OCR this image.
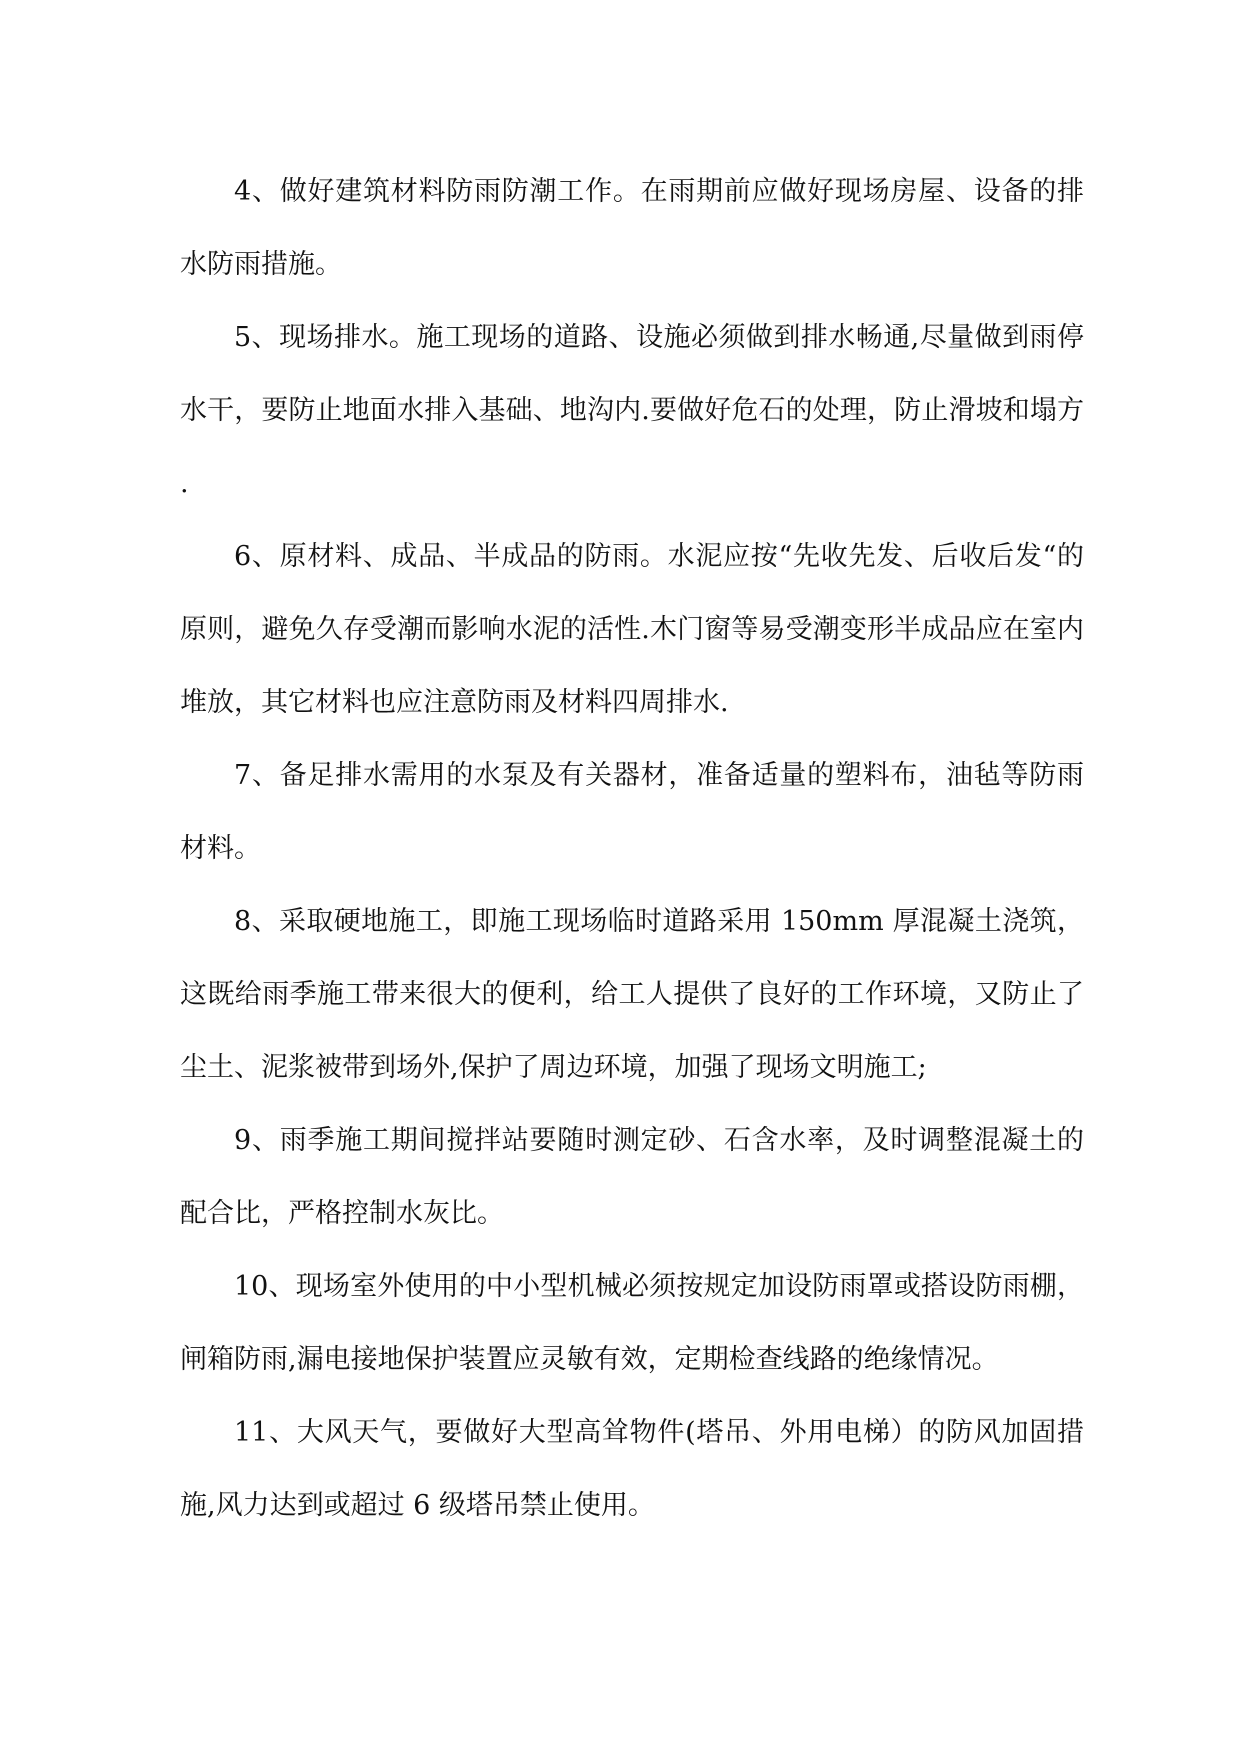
4、做好建筑材料防雨防潮工作。在雨期前应做好现场房屋、设备的排水防雨措施。

5、现场排水。施工现场的道路、设施必须做到排水畅通,尽量做到雨停水干，要防止地面水排入基础、地沟内.要做好危石的处理，防止滑坡和塌方.

6、原材料、成品、半成品的防雨。水泥应按“先收先发、后收后发“的原则，避免久存受潮而影响水泥的活性.木门窗等易受潮变形半成品应在室内堆放，其它材料也应注意防雨及材料四周排水.

7、备足排水需用的水泵及有关器材，准备适量的塑料布，油毡等防雨材料。

8、采取硬地施工，即施工现场临时道路采用 150mm 厚混凝土浇筑，这既给雨季施工带来很大的便利，给工人提供了良好的工作环境，又防止了尘土、泥浆被带到场外,保护了周边环境，加强了现场文明施工;

9、雨季施工期间搅拌站要随时测定砂、石含水率，及时调整混凝土的配合比，严格控制水灰比。

10、现场室外使用的中小型机械必须按规定加设防雨罩或搭设防雨棚，闸箱防雨,漏电接地保护装置应灵敏有效，定期检查线路的绝缘情况。

11、大风天气，要做好大型高耸物件(塔吊、外用电梯）的防风加固措施,风力达到或超过 6 级塔吊禁止使用。
